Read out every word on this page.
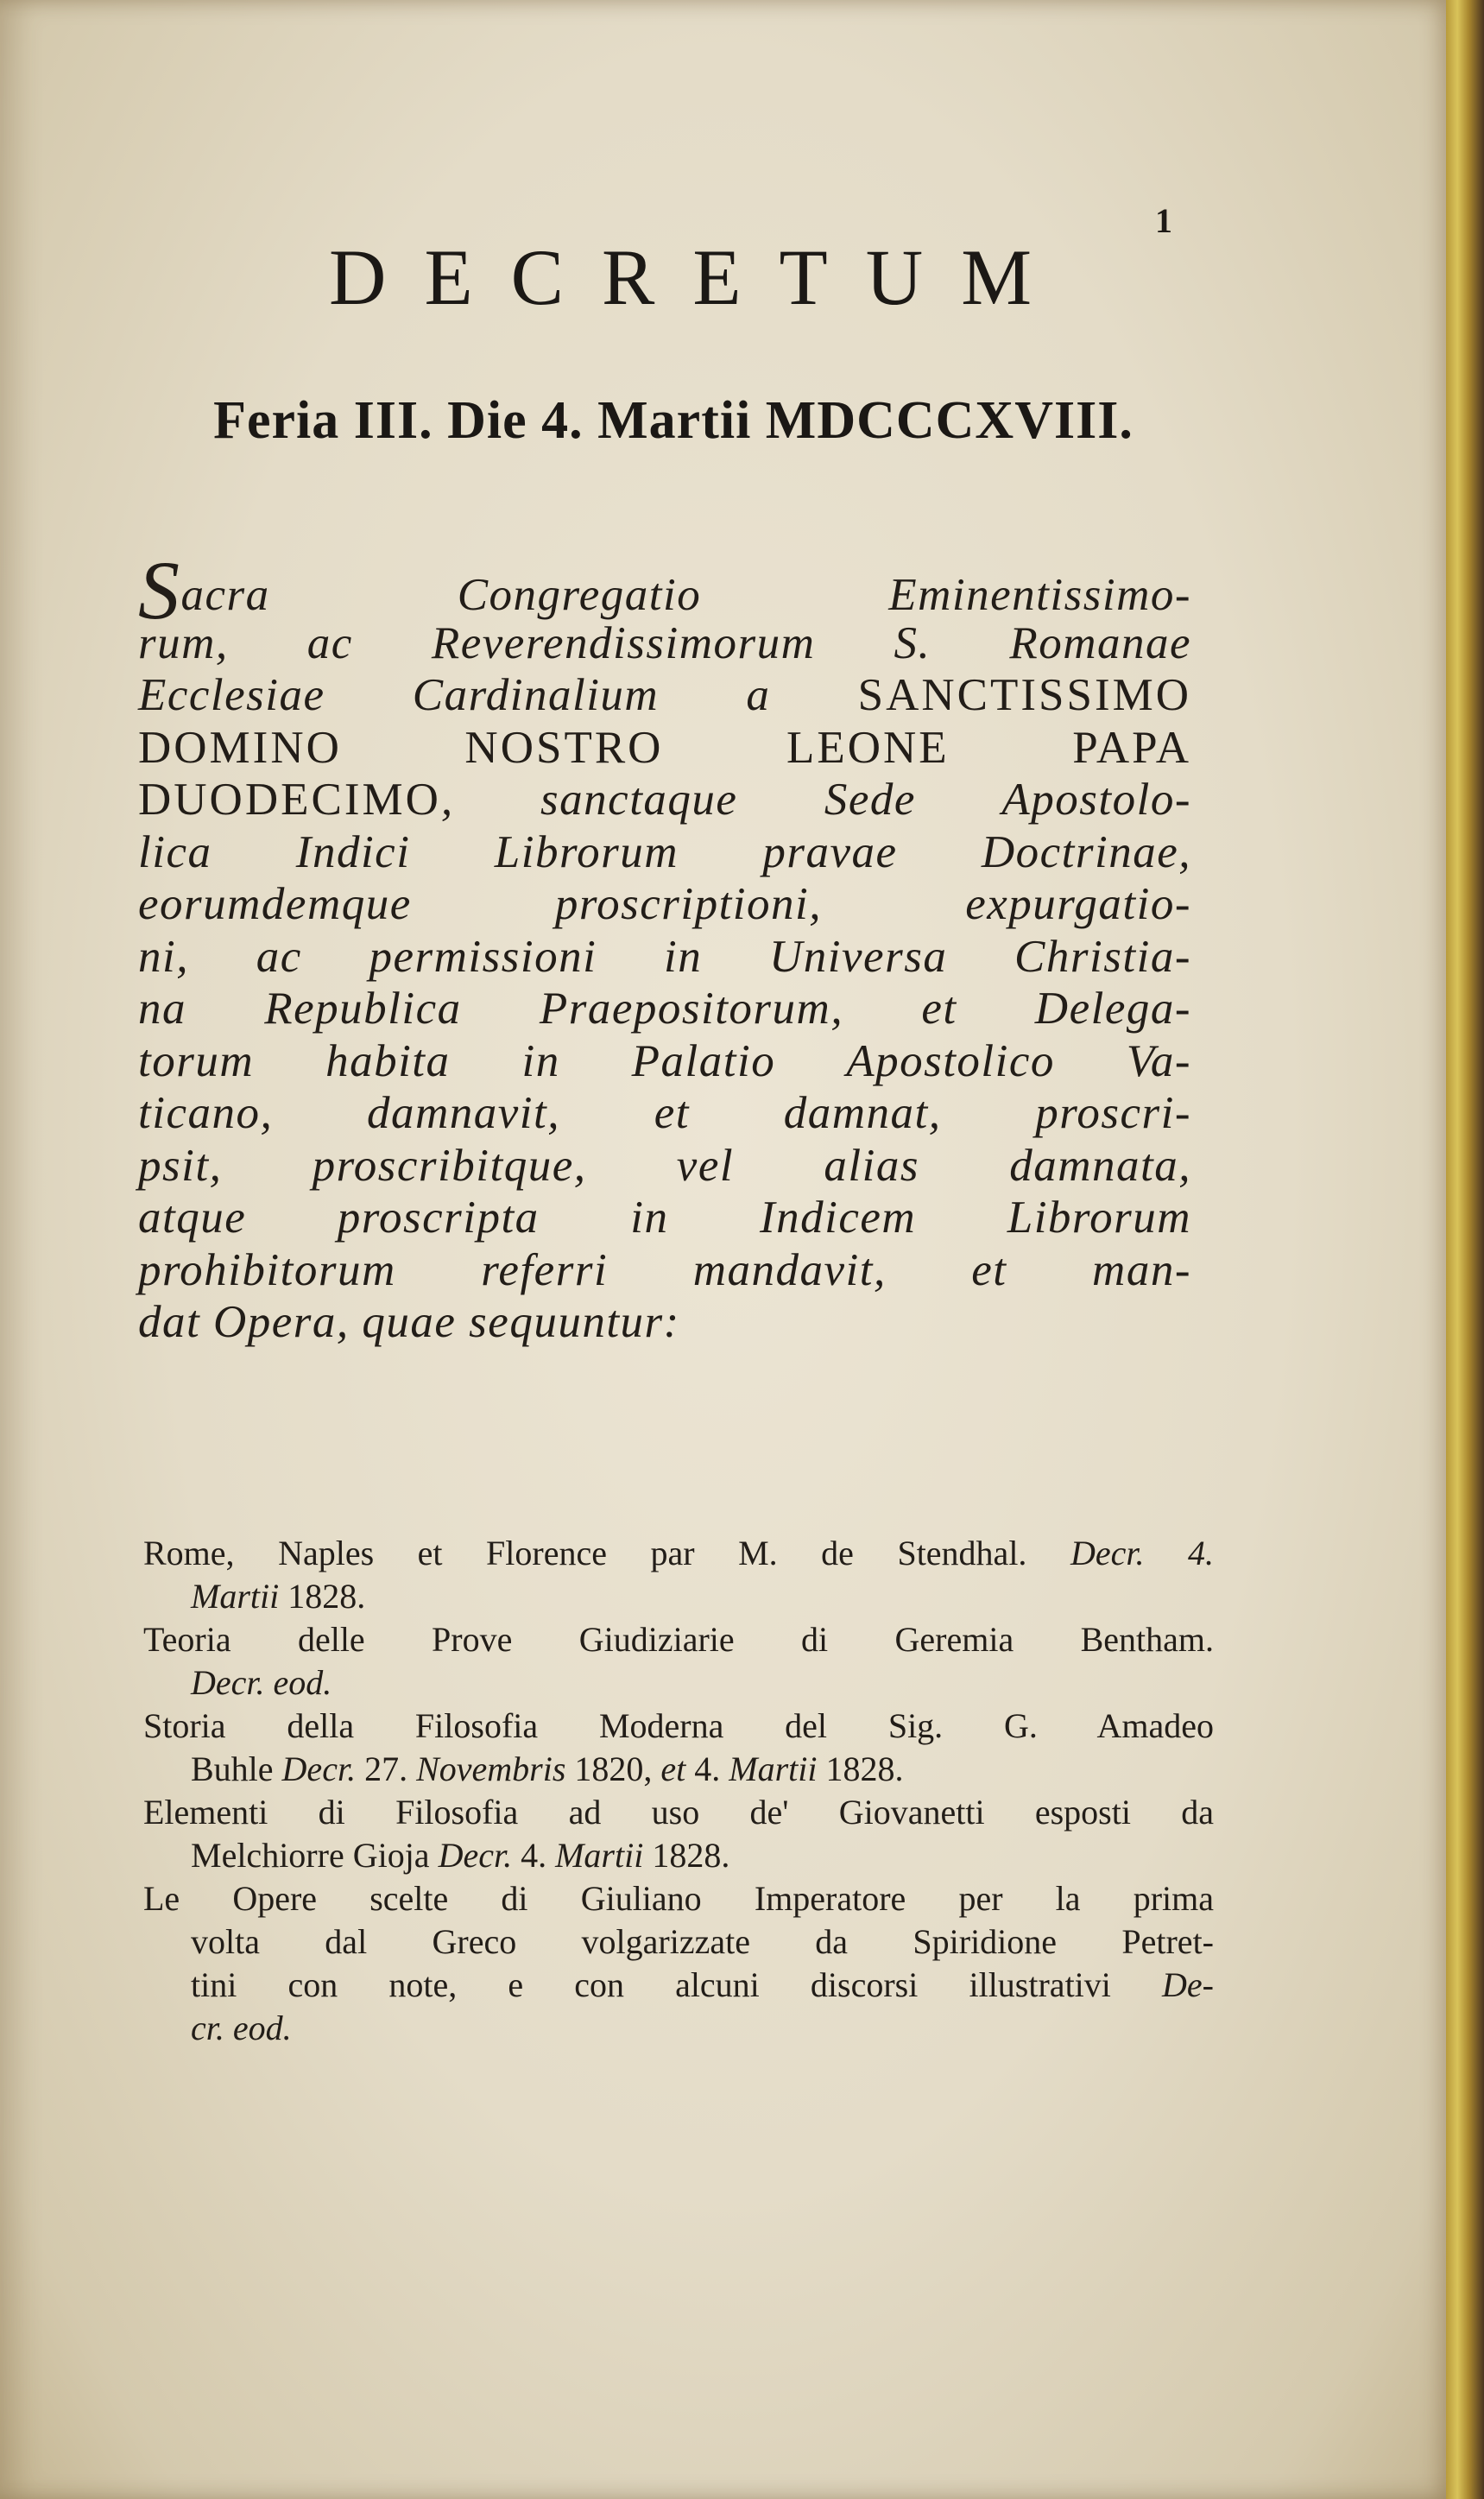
1
DECRETUM
Feria III. Die 4. Martii MDCCCXVIII.
Sacra Congregatio Eminentissimo-
rum, ac Reverendissimorum S. Romanae
Ecclesiae Cardinalium a SANCTISSIMO
DOMINO NOSTRO LEONE PAPA
DUODECIMO, sanctaque Sede Apostolo-
lica Indici Librorum pravae Doctrinae,
eorumdemque proscriptioni, expurgatio-
ni, ac permissioni in Universa Christia-
na Republica Praepositorum, et Delega-
torum habita in Palatio Apostolico Va-
ticano, damnavit, et damnat, proscri-
psit, proscribitque, vel alias damnata,
atque proscripta in Indicem Librorum
prohibitorum referri mandavit, et man-
dat Opera, quae sequuntur:
Rome, Naples et Florence par M. de Stendhal. Decr. 4.
Martii 1828.
Teoria delle Prove Giudiziarie di Geremia Bentham.
Decr. eod.
Storia della Filosofia Moderna del Sig. G. Amadeo
Buhle Decr. 27. Novembris 1820, et 4. Martii 1828.
Elementi di Filosofia ad uso de' Giovanetti esposti da
Melchiorre Gioja Decr. 4. Martii 1828.
Le Opere scelte di Giuliano Imperatore per la prima
volta dal Greco volgarizzate da Spiridione Petret-
tini con note, e con alcuni discorsi illustrativi De-
cr. eod.
